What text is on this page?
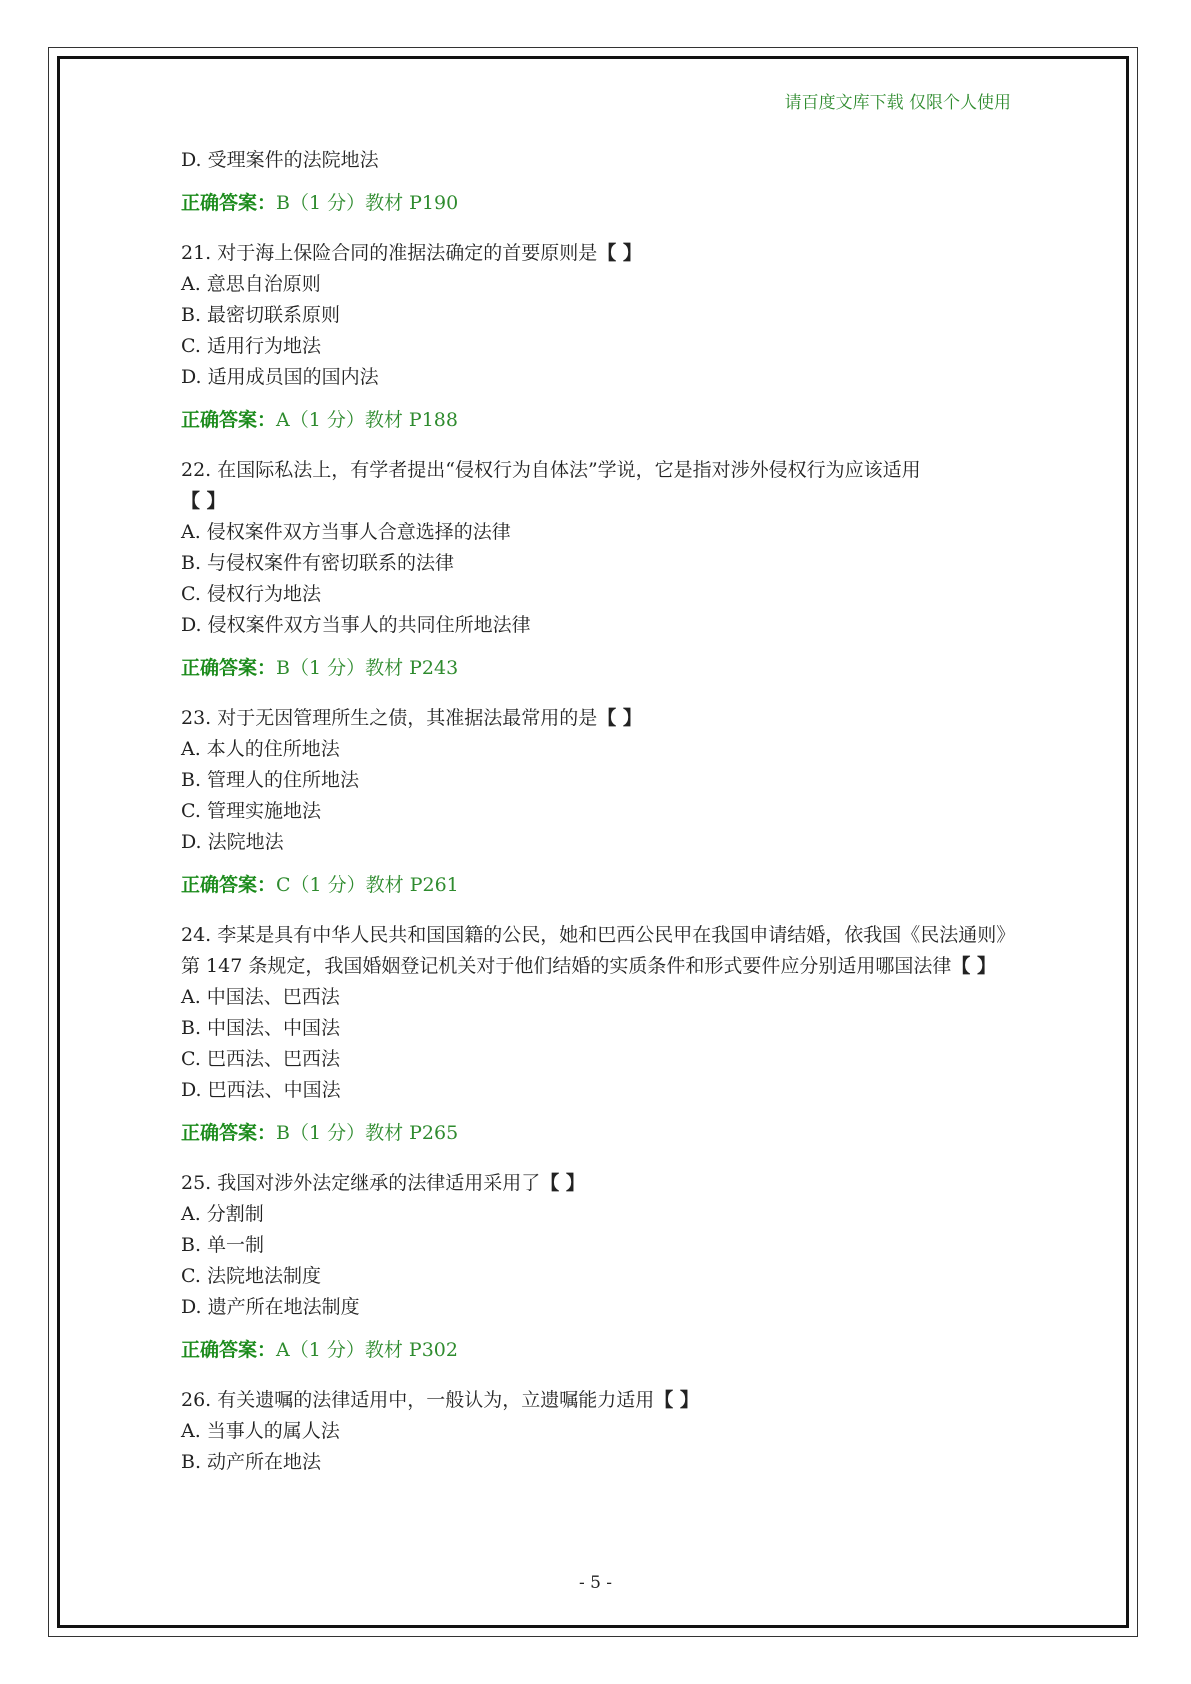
请百度文库下载 仅限个人使用

D. 受理案件的法院地法

正确答案：B（1 分）教材 P190

21. 对于海上保险合同的准据法确定的首要原则是【 】

A. 意思自治原则

B. 最密切联系原则

C. 适用行为地法

D. 适用成员国的国内法

正确答案：A（1 分）教材 P188

22. 在国际私法上，有学者提出“侵权行为自体法”学说，它是指对涉外侵权行为应该适用
【 】

A. 侵权案件双方当事人合意选择的法律

B. 与侵权案件有密切联系的法律

C. 侵权行为地法

D. 侵权案件双方当事人的共同住所地法律

正确答案：B（1 分）教材 P243

23. 对于无因管理所生之债，其准据法最常用的是【 】

A. 本人的住所地法

B. 管理人的住所地法

C. 管理实施地法

D. 法院地法

正确答案：C（1 分）教材 P261

24. 李某是具有中华人民共和国国籍的公民，她和巴西公民甲在我国申请结婚，依我国《民法通则》第 147 条规定，我国婚姻登记机关对于他们结婚的实质条件和形式要件应分别适用哪国法律【 】

A. 中国法、巴西法

B. 中国法、中国法

C. 巴西法、巴西法

D. 巴西法、中国法

正确答案：B（1 分）教材 P265

25. 我国对涉外法定继承的法律适用采用了【 】

A. 分割制

B. 单一制

C. 法院地法制度

D. 遗产所在地法制度

正确答案：A（1 分）教材 P302

26. 有关遗嘱的法律适用中，一般认为，立遗嘱能力适用【 】

A. 当事人的属人法

B. 动产所在地法

- 5 -
